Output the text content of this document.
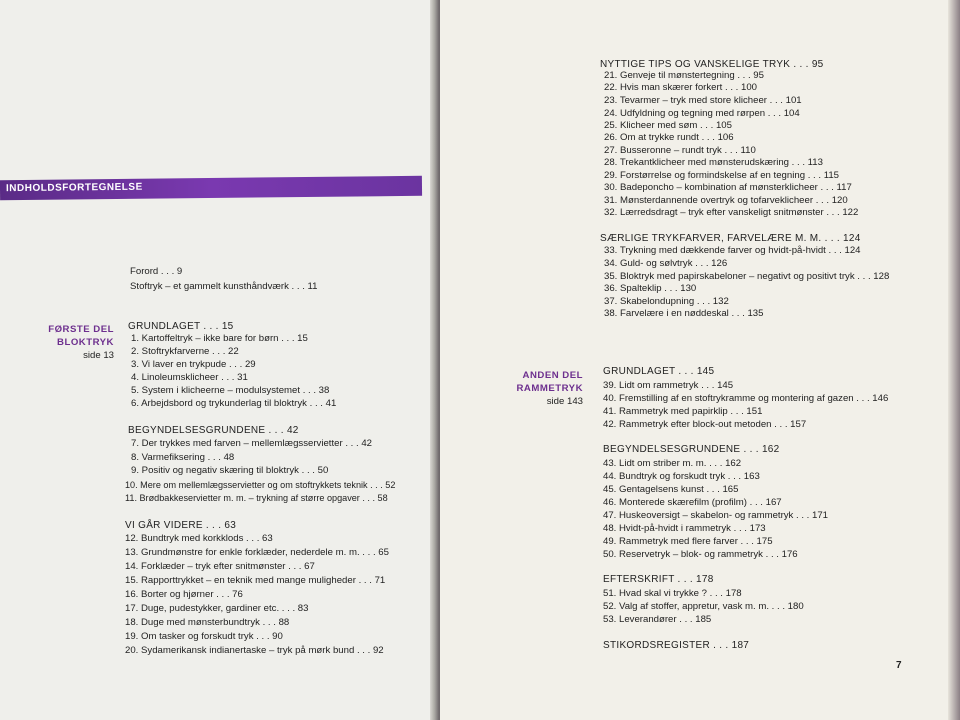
INDHOLDSFORTEGNELSE
Forord . . . 9
Stoftryk – et gammelt kunsthåndværk . . . 11
FØRSTE DEL
BLOKTRYK
side 13
GRUNDLAGET . . . 15
1. Kartoffeltryk – ikke bare for børn . . . 15
2. Stoftrykfarverne . . . 22
3. Vi laver en trykpude . . . 29
4. Linoleumsklicheer . . . 31
5. System i klicheerne – modulsystemet . . . 38
6. Arbejdsbord og trykunderlag til bloktryk . . . 41
BEGYNDELSESGRUNDENE . . . 42
7. Der trykkes med farven – mellemlægsservietter . . . 42
8. Varmefiksering . . . 48
9. Positiv og negativ skæring til bloktryk . . . 50
10. Mere om mellemlægsservietter og om stoftrykkets teknik . . . 52
11. Brødbakkeservietter m. m. – trykning af større opgaver . . . 58
VI GÅR VIDERE . . . 63
12. Bundtryk med korkklods . . . 63
13. Grundmønstre for enkle forklæder, nederdele m. m. . . . 65
14. Forklæder – tryk efter snitmønster . . . 67
15. Rapporttrykket – en teknik med mange muligheder . . . 71
16. Borter og hjørner . . . 76
17. Duge, pudestykker, gardiner etc. . . . 83
18. Duge med mønsterbundtryk . . . 88
19. Om tasker og forskudt tryk . . . 90
20. Sydamerikansk indianertaske – tryk på mørk bund . . . 92
NYTTIGE TIPS OG VANSKELIGE TRYK . . . 95
21. Genveje til mønstertegning . . . 95
22. Hvis man skærer forkert . . . 100
23. Tevarmer – tryk med store klicheer . . . 101
24. Udfyldning og tegning med rørpen . . . 104
25. Klicheer med søm . . . 105
26. Om at trykke rundt . . . 106
27. Busseronne – rundt tryk . . . 110
28. Trekantklicheer med mønsterudskæring . . . 113
29. Forstørrelse og formindskelse af en tegning . . . 115
30. Badeponcho – kombination af mønsterklicheer . . . 117
31. Mønsterdannende overtryk og tofarveklicheer . . . 120
32. Lærredsdragt – tryk efter vanskeligt snitmønster . . . 122
SÆRLIGE TRYKFARVER, FARVELÆRE M. M. . . . 124
33. Trykning med dækkende farver og hvidt-på-hvidt . . . 124
34. Guld- og sølvtryk . . . 126
35. Bloktryk med papirskabeloner – negativt og positivt tryk . . . 128
36. Spalteklip . . . 130
37. Skabelondupning . . . 132
38. Farvelære i en nøddeskal . . . 135
ANDEN DEL
RAMMETRYK
side 143
GRUNDLAGET . . . 145
39. Lidt om rammetryk . . . 145
40. Fremstilling af en stoftrykramme og montering af gazen . . . 146
41. Rammetryk med papirklip . . . 151
42. Rammetryk efter block-out metoden . . . 157
BEGYNDELSESGRUNDENE . . . 162
43. Lidt om striber m. m. . . . 162
44. Bundtryk og forskudt tryk . . . 163
45. Gentagelsens kunst . . . 165
46. Monterede skærefilm (profilm) . . . 167
47. Huskeoversigt – skabelon- og rammetryk . . . 171
48. Hvidt-på-hvidt i rammetryk . . . 173
49. Rammetryk med flere farver . . . 175
50. Reservetryk – blok- og rammetryk . . . 176
EFTERSKRIFT . . . 178
51. Hvad skal vi trykke ? . . . 178
52. Valg af stoffer, appretur, vask m. m. . . . 180
53. Leverandører . . . 185
STIKORDSREGISTER . . . 187
7
